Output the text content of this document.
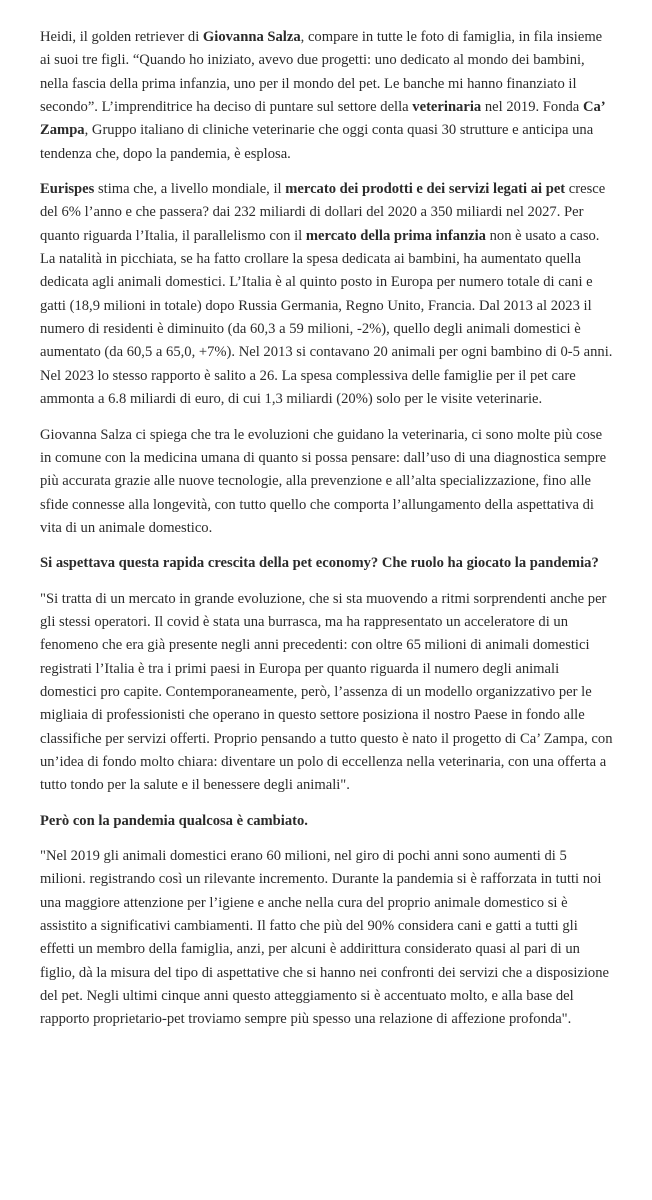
Heidi, il golden retriever di Giovanna Salza, compare in tutte le foto di famiglia, in fila insieme ai suoi tre figli. “Quando ho iniziato, avevo due progetti: uno dedicato al mondo dei bambini, nella fascia della prima infanzia, uno per il mondo del pet. Le banche mi hanno finanziato il secondo”. L’imprenditrice ha deciso di puntare sul settore della veterinaria nel 2019. Fonda Ca’ Zampa, Gruppo italiano di cliniche veterinarie che oggi conta quasi 30 strutture e anticipa una tendenza che, dopo la pandemia, è esplosa.

Eurispes stima che, a livello mondiale, il mercato dei prodotti e dei servizi legati ai pet cresce del 6% l’anno e che passera? dai 232 miliardi di dollari del 2020 a 350 miliardi nel 2027. Per quanto riguarda l’Italia, il parallelismo con il mercato della prima infanzia non è usato a caso. La natalità in picchiata, se ha fatto crollare la spesa dedicata ai bambini, ha aumentato quella dedicata agli animali domestici. L’Italia è al quinto posto in Europa per numero totale di cani e gatti (18,9 milioni in totale) dopo Russia Germania, Regno Unito, Francia. Dal 2013 al 2023 il numero di residenti è diminuito (da 60,3 a 59 milioni, -2%), quello degli animali domestici è aumentato (da 60,5 a 65,0, +7%). Nel 2013 si contavano 20 animali per ogni bambino di 0-5 anni. Nel 2023 lo stesso rapporto è salito a 26. La spesa complessiva delle famiglie per il pet care ammonta a 6.8 miliardi di euro, di cui 1,3 miliardi (20%) solo per le visite veterinarie.

Giovanna Salza ci spiega che tra le evoluzioni che guidano la veterinaria, ci sono molte più cose in comune con la medicina umana di quanto si possa pensare: dall’uso di una diagnostica sempre più accurata grazie alle nuove tecnologie, alla prevenzione e all’alta specializzazione, fino alle sfide connesse alla longevità, con tutto quello che comporta l’allungamento della aspettativa di vita di un animale domestico.

Si aspettava questa rapida crescita della pet economy? Che ruolo ha giocato la pandemia?

"Si tratta di un mercato in grande evoluzione, che si sta muovendo a ritmi sorprendenti anche per gli stessi operatori. Il covid è stata una burrasca, ma ha rappresentato un acceleratore di un fenomeno che era già presente negli anni precedenti: con oltre 65 milioni di animali domestici registrati l’Italia è tra i primi paesi in Europa per quanto riguarda il numero degli animali domestici pro capite. Contemporaneamente, però, l’assenza di un modello organizzativo per le migliaia di professionisti che operano in questo settore posiziona il nostro Paese in fondo alle classifiche per servizi offerti. Proprio pensando a tutto questo è nato il progetto di Ca’ Zampa, con un’idea di fondo molto chiara: diventare un polo di eccellenza nella veterinaria, con una offerta a tutto tondo per la salute e il benessere degli animali".

Però con la pandemia qualcosa è cambiato.

"Nel 2019 gli animali domestici erano 60 milioni, nel giro di pochi anni sono aumenti di 5 milioni. registrando così un rilevante incremento. Durante la pandemia si è rafforzata in tutti noi una maggiore attenzione per l’igiene e anche nella cura del proprio animale domestico si è assistito a significativi cambiamenti. Il fatto che più del 90% considera cani e gatti a tutti gli effetti un membro della famiglia, anzi, per alcuni è addirittura considerato quasi al pari di un figlio, dà la misura del tipo di aspettative che si hanno nei confronti dei servizi che a disposizione del pet. Negli ultimi cinque anni questo atteggiamento si è accentuato molto, e alla base del rapporto proprietario-pet troviamo sempre più spesso una relazione di affezione profonda".
